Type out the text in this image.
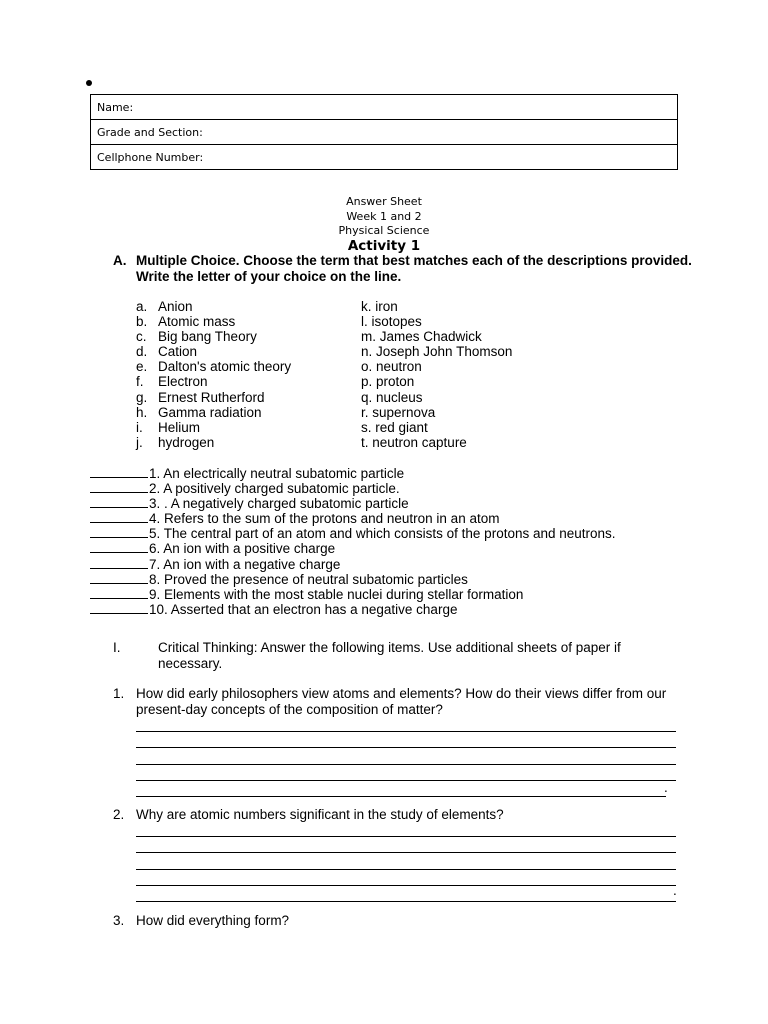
Name:
Grade and Section:
Cellphone Number:
Answer Sheet
Week 1 and 2
Physical Science
Activity 1
A. Multiple Choice. Choose the term that best matches each of the descriptions provided. Write the letter of your choice on the line.
a. Anion
b. Atomic mass
c. Big bang Theory
d. Cation
e. Dalton's atomic theory
f. Electron
g. Ernest Rutherford
h. Gamma radiation
i. Helium
j. hydrogen
k. iron
l. isotopes
m. James Chadwick
n. Joseph John Thomson
o. neutron
p. proton
q. nucleus
r. supernova
s. red giant
t. neutron capture
1. An electrically neutral subatomic particle
2. A positively charged subatomic particle.
3. . A negatively charged subatomic particle
4. Refers to the sum of the protons and neutron in an atom
5. The central part of an atom and which consists of the protons and neutrons.
6. An ion with a positive charge
7. An ion with a negative charge
8. Proved the presence of neutral subatomic particles
9. Elements with the most stable nuclei during stellar formation
10. Asserted that an electron has a negative charge
I.	Critical Thinking: Answer the following items. Use additional sheets of paper if necessary.
1. How did early philosophers view atoms and elements? How do their views differ from our present-day concepts of the composition of matter?
.
2. Why are atomic numbers significant in the study of elements?
.
3. How did everything form?
